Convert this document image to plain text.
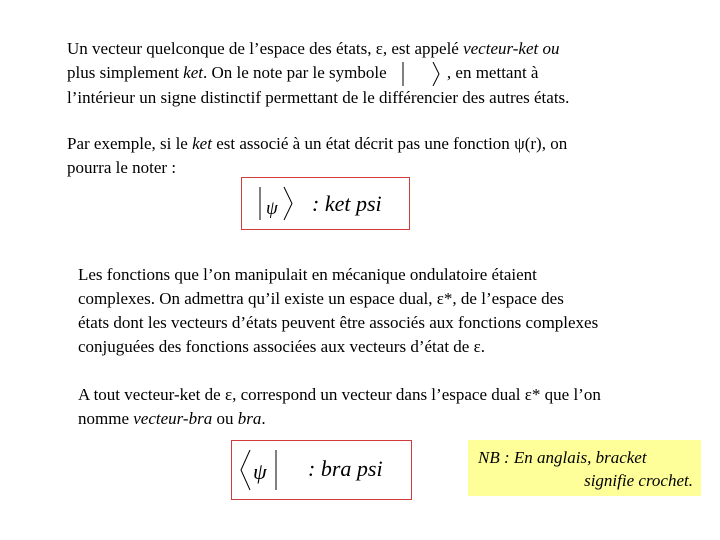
Un vecteur quelconque de l’espace des états, ε, est appelé vecteur-ket ou
plus simplement ket. On le note par le symbole	, en mettant à
l’intérieur un signe distinctif permettant de le différencier des autres états.
Par exemple, si le ket est associé à un état décrit pas une fonction ψ(r), on
pourra le noter :
ψ : ket psi
Les fonctions que l’on manipulait en mécanique ondulatoire étaient
complexes. On admettra qu’il existe un espace dual, ε*, de l’espace des
états dont les vecteurs d’états peuvent être associés aux fonctions complexes
conjuguées des fonctions associées aux vecteurs d’état de ε.
A tout vecteur-ket de ε, correspond un vecteur dans l’espace dual ε* que l’on
nomme vecteur-bra ou bra.
ψ : bra psi	NB : En anglais, bracket
signifie crochet.
